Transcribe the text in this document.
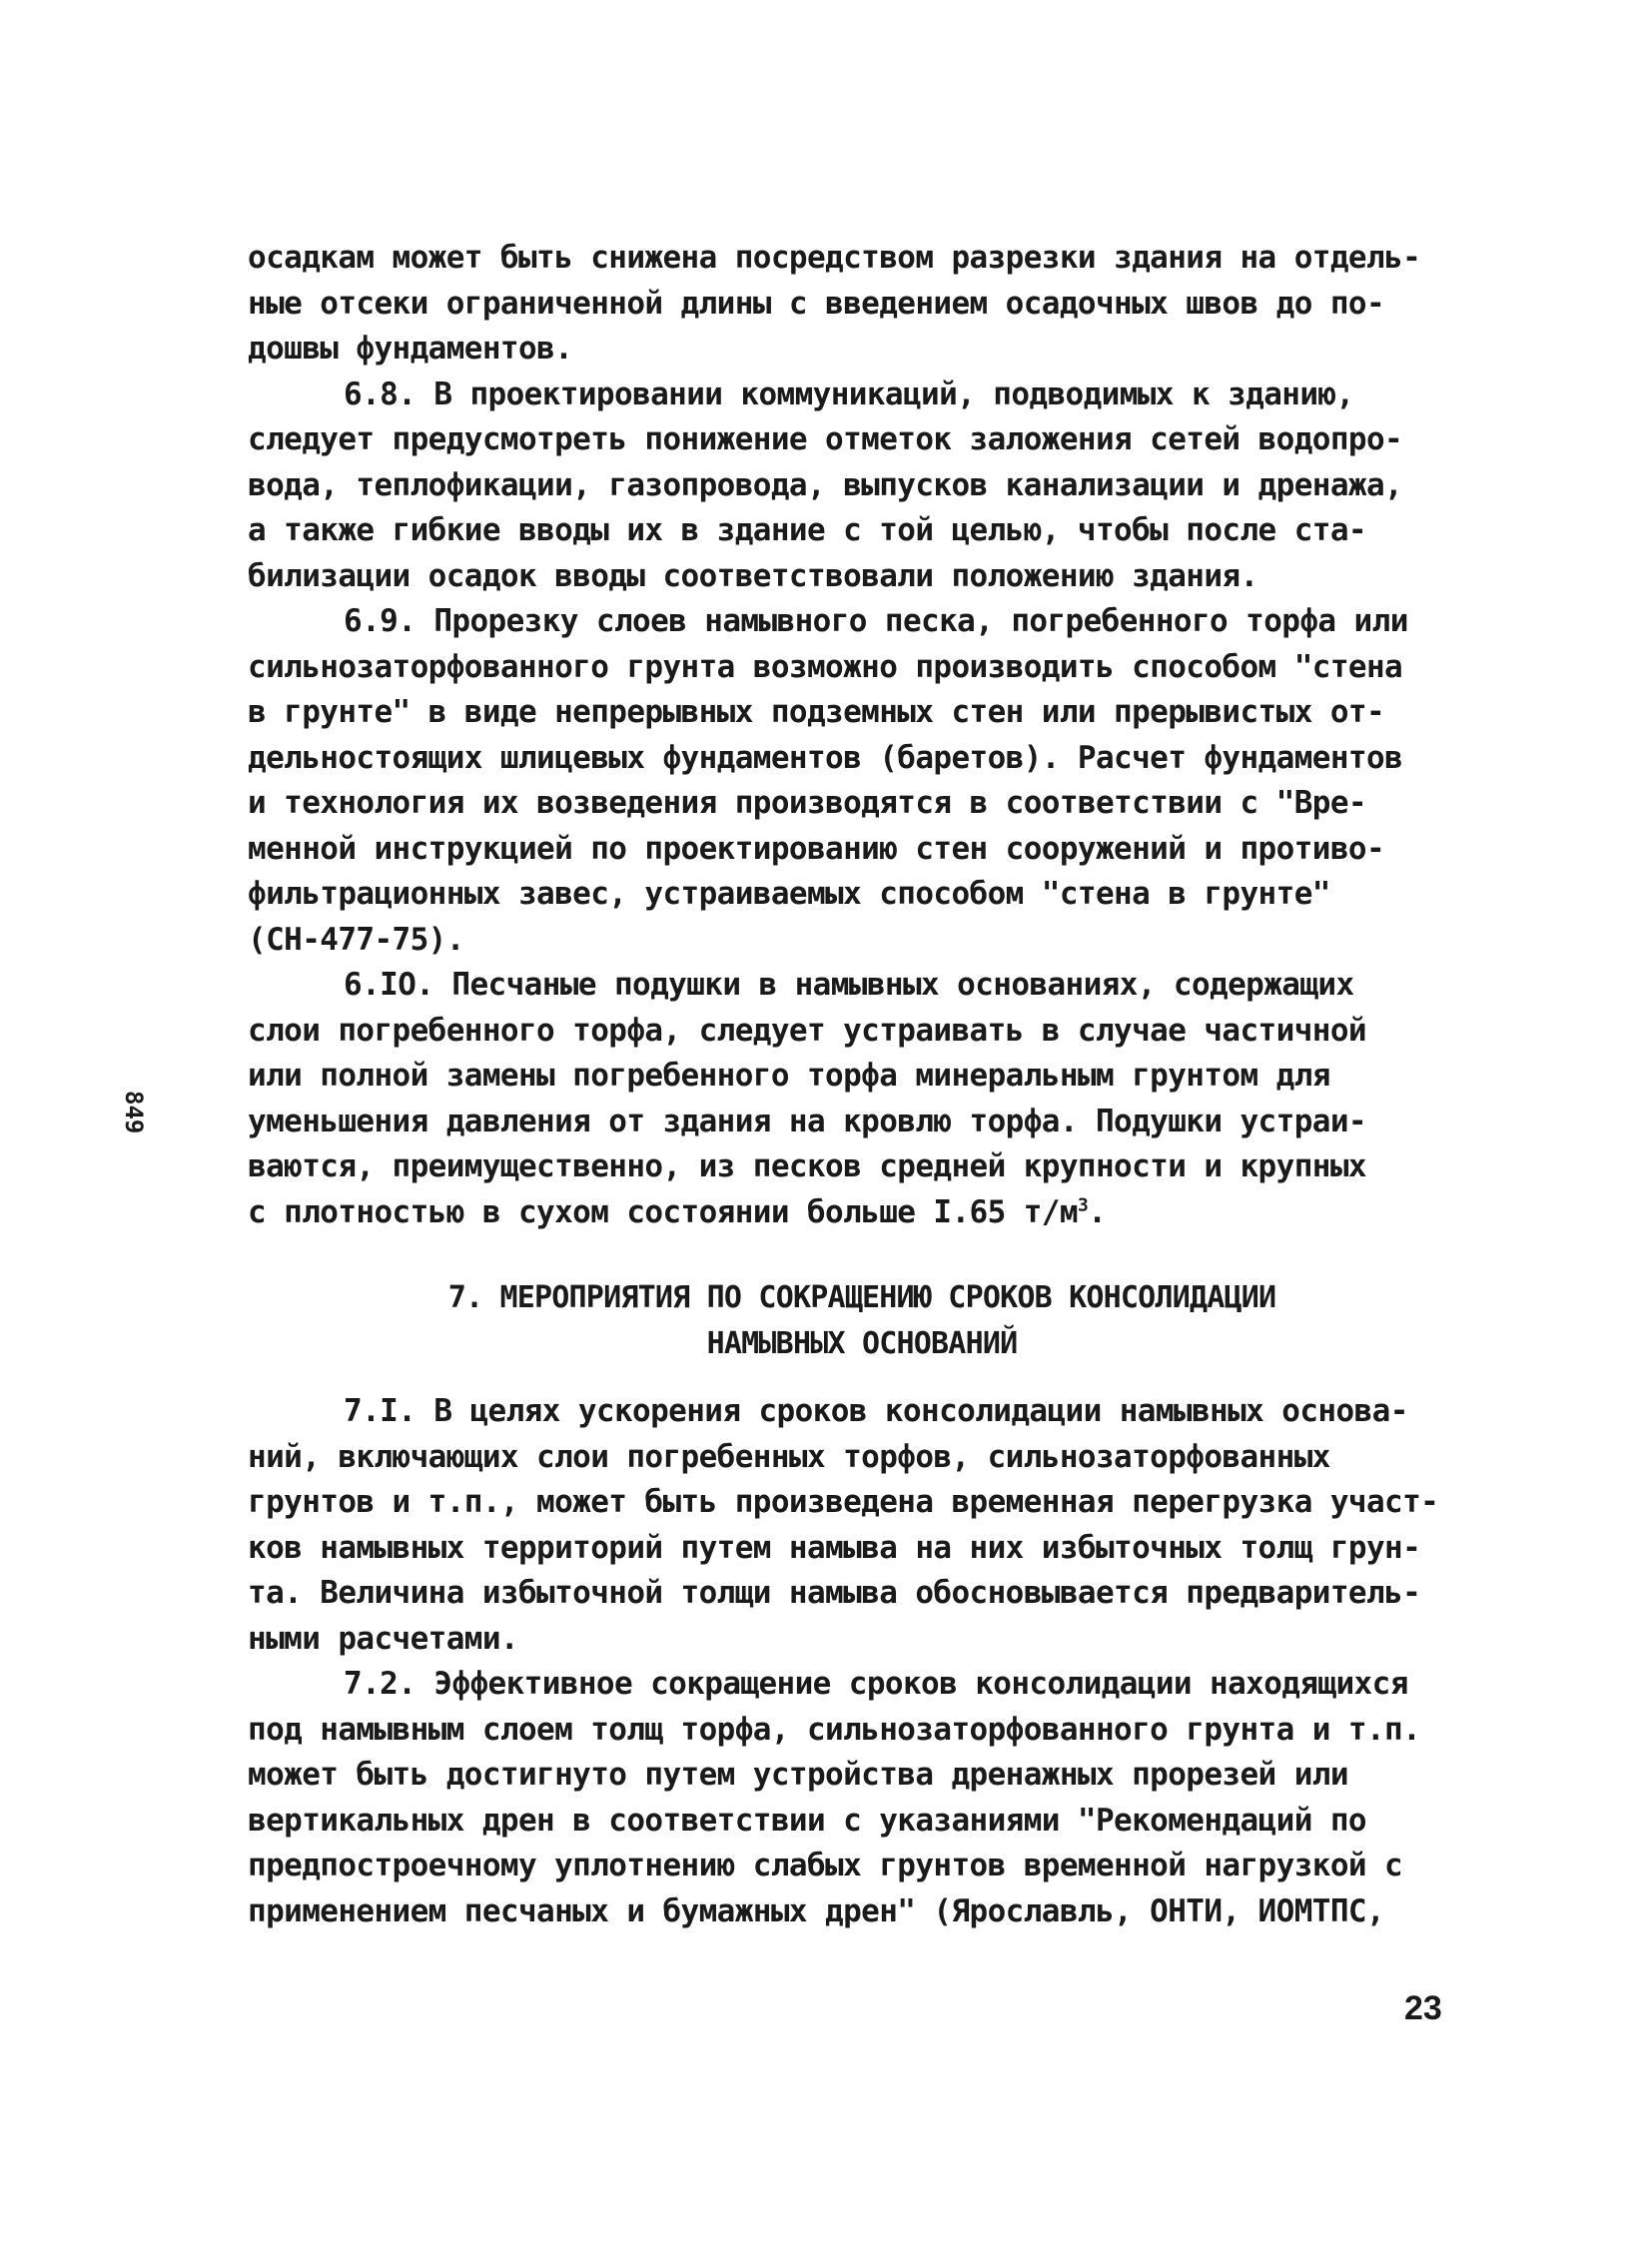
849
осадкам может быть снижена посредством разрезки здания на отдель-
ные отсеки ограниченной длины с введением осадочных швов до по-
дошвы фундаментов.
6.8. В проектировании коммуникаций, подводимых к зданию,
следует предусмотреть понижение отметок заложения сетей водопро-
вода, теплофикации, газопровода, выпусков канализации и дренажа,
а также гибкие вводы их в здание с той целью, чтобы после ста-
билизации осадок вводы соответствовали положению здания.
6.9. Прорезку слоев намывного песка, погребенного торфа или
сильнозаторфованного грунта возможно производить способом "стена
в грунте" в виде непрерывных подземных стен или прерывистых от-
дельностоящих шлицевых фундаментов (баретов). Расчет фундаментов
и технология их возведения производятся в соответствии с "Вре-
менной инструкцией по проектированию стен сооружений и противо-
фильтрационных завес, устраиваемых способом "стена в грунте"
(СН-477-75).
6.IO. Песчаные подушки в намывных основаниях, содержащих
слои погребенного торфа, следует устраивать в случае частичной
или полной замены погребенного торфа минеральным грунтом для
уменьшения давления от здания на кровлю торфа. Подушки устраи-
ваются, преимущественно, из песков средней крупности и крупных
с плотностью в сухом состоянии больше I.65 $т/м^3$.
7. МЕРОПРИЯТИЯ ПО СОКРАЩЕНИЮ СРОКОВ КОНСОЛИДАЦИИ
НАМЫВНЫХ ОСНОВАНИЙ
7.I. В целях ускорения сроков консолидации намывных основа-
ний, включающих слои погребенных торфов, сильнозаторфованных
грунтов и т.п., может быть произведена временная перегрузка участ-
ков намывных территорий путем намыва на них избыточных толщ грун-
та. Величина избыточной толщи намыва обосновывается предваритель-
ными расчетами.
7.2. Эффективное сокращение сроков консолидации находящихся
под намывным слоем толщ торфа, сильнозаторфованного грунта и т.п.
может быть достигнуто путем устройства дренажных прорезей или
вертикальных дрен в соответствии с указаниями "Рекомендаций по
предпостроечному уплотнению слабых грунтов временной нагрузкой с
применением песчаных и бумажных дрен" (Ярославль, ОНТИ, ИОМТПС,
23
